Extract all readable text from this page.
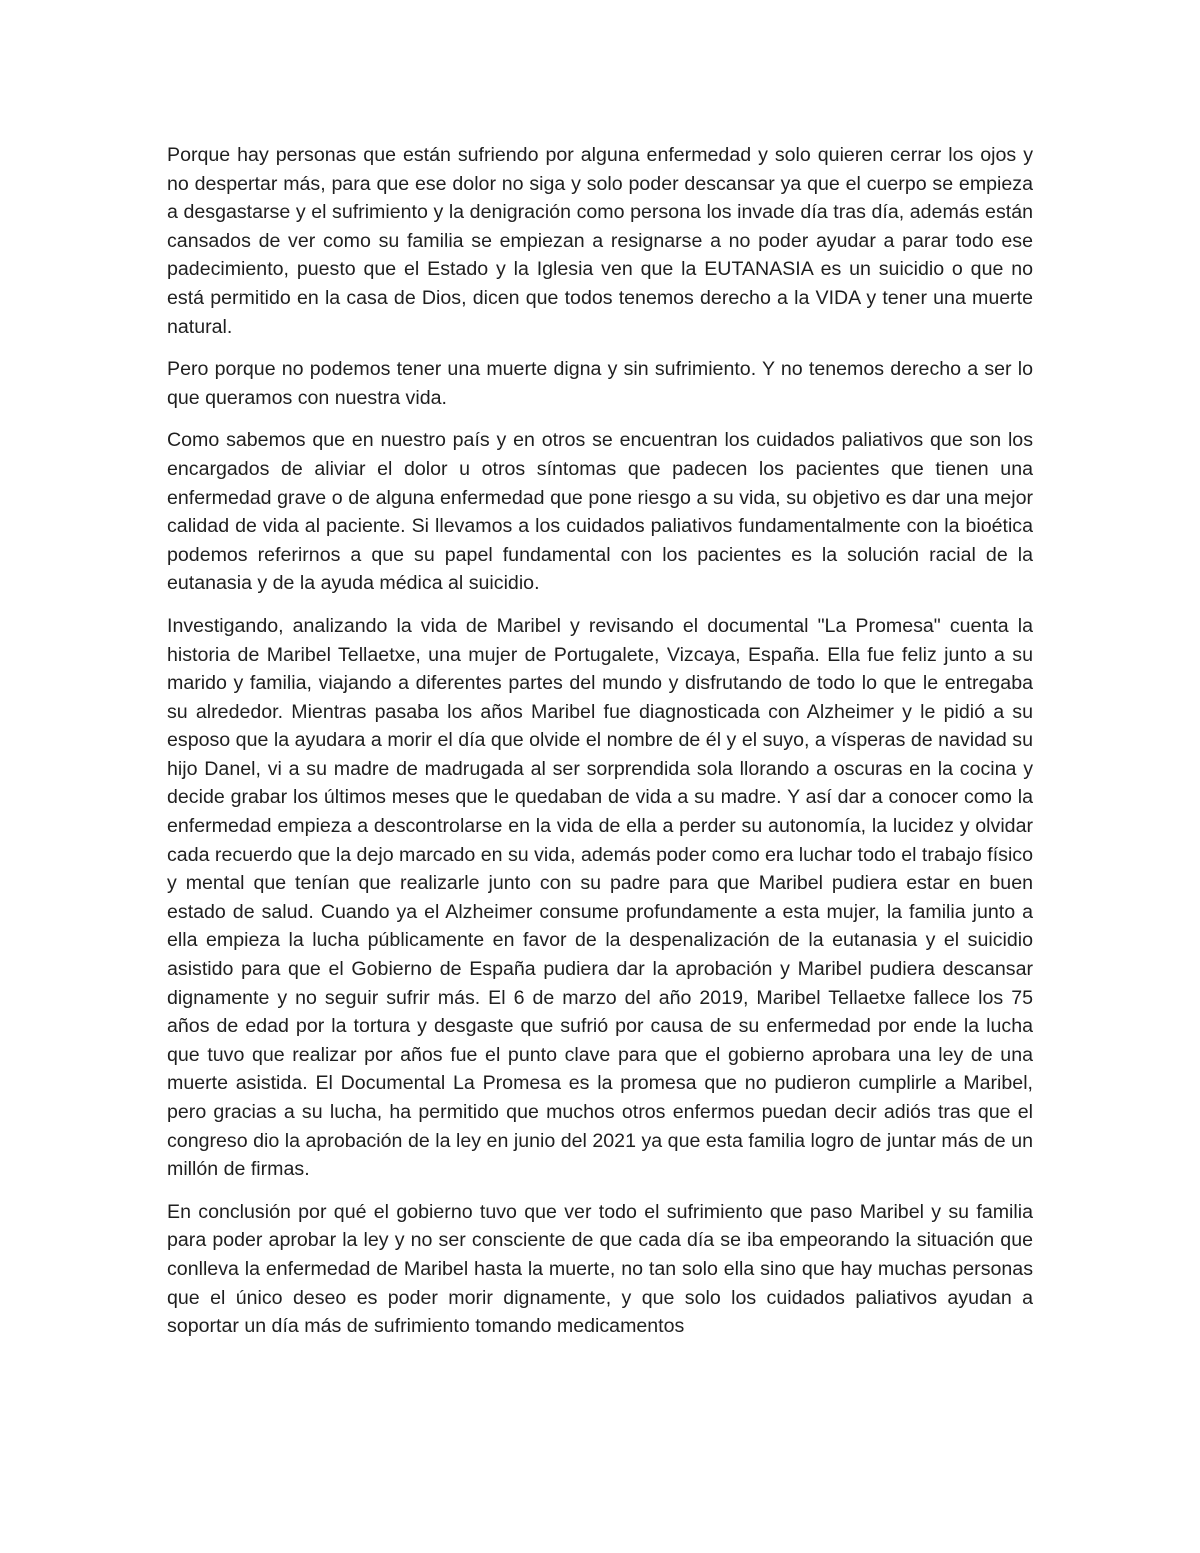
Porque hay personas que están sufriendo por alguna enfermedad y solo quieren cerrar los ojos y no despertar más, para que ese dolor no siga y solo poder descansar ya que el cuerpo se empieza a desgastarse y el sufrimiento y la denigración como persona los invade día tras día, además están cansados de ver como su familia se empiezan a resignarse a no poder ayudar a parar todo ese padecimiento, puesto que el Estado y la Iglesia ven que la EUTANASIA es un suicidio o que no está permitido en la casa de Dios, dicen que todos tenemos derecho a la VIDA y tener una muerte natural.

Pero porque no podemos tener una muerte digna y sin sufrimiento. Y no tenemos derecho a ser lo que queramos con nuestra vida.

Como sabemos que en nuestro país y en otros se encuentran los cuidados paliativos que son los encargados de aliviar el dolor u otros síntomas que padecen los pacientes que tienen una enfermedad grave o de alguna enfermedad que pone riesgo a su vida, su objetivo es dar una mejor calidad de vida al paciente. Si llevamos a los cuidados paliativos fundamentalmente con la bioética podemos referirnos a que su papel fundamental con los pacientes es la solución racial de la eutanasia y de la ayuda médica al suicidio.

Investigando, analizando la vida de Maribel y revisando el documental "La Promesa" cuenta la historia de Maribel Tellaetxe, una mujer de Portugalete, Vizcaya, España. Ella fue feliz junto a su marido y familia, viajando a diferentes partes del mundo y disfrutando de todo lo que le entregaba su alrededor. Mientras pasaba los años Maribel fue diagnosticada con Alzheimer y le pidió a su esposo que la ayudara a morir el día que olvide el nombre de él y el suyo, a vísperas de navidad su hijo Danel, vi a su madre de madrugada al ser sorprendida sola llorando a oscuras en la cocina y decide grabar los últimos meses que le quedaban de vida a su madre. Y así dar a conocer como la enfermedad empieza a descontrolarse en la vida de ella a perder su autonomía, la lucidez y olvidar cada recuerdo que la dejo marcado en su vida, además poder como era luchar todo el trabajo físico y mental que tenían que realizarle junto con su padre para que Maribel pudiera estar en buen estado de salud. Cuando ya el Alzheimer consume profundamente a esta mujer, la familia junto a ella empieza la lucha públicamente en favor de la despenalización de la eutanasia y el suicidio asistido para que el Gobierno de España pudiera dar la aprobación y Maribel pudiera descansar dignamente y no seguir sufrir más. El 6 de marzo del año 2019, Maribel Tellaetxe fallece los 75 años de edad por la tortura y desgaste que sufrió por causa de su enfermedad por ende la lucha que tuvo que realizar por años fue el punto clave para que el gobierno aprobara una ley de una muerte asistida. El Documental La Promesa es la promesa que no pudieron cumplirle a Maribel, pero gracias a su lucha, ha permitido que muchos otros enfermos puedan decir adiós tras que el congreso dio la aprobación de la ley en junio del 2021 ya que esta familia logro de juntar más de un millón de firmas.

En conclusión por qué el gobierno tuvo que ver todo el sufrimiento que paso Maribel y su familia para poder aprobar la ley y no ser consciente de que cada día se iba empeorando la situación que conlleva la enfermedad de Maribel hasta la muerte, no tan solo ella sino que hay muchas personas que el único deseo es poder morir dignamente, y que solo los cuidados paliativos ayudan a soportar un día más de sufrimiento tomando medicamentos
